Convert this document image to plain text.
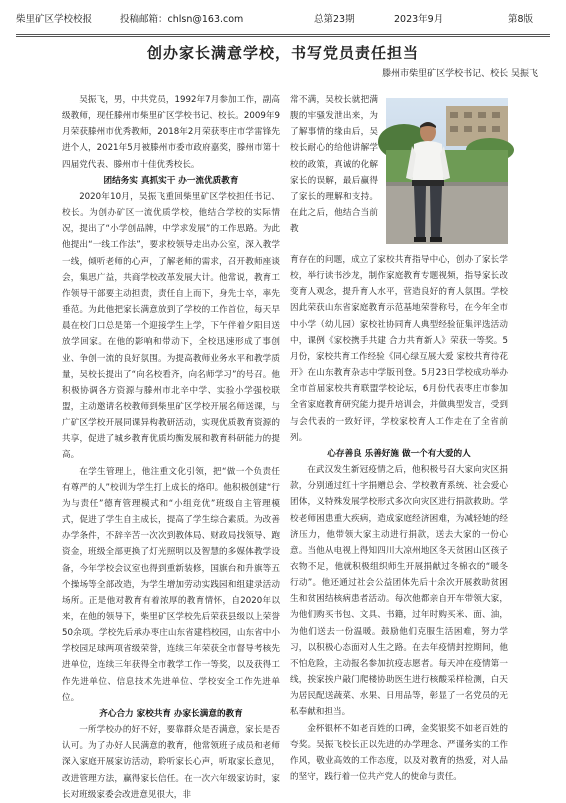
柴里矿区学校校报	投稿邮箱：chlsn@163.com	总第23期	2023年9月	第8版
创办家长满意学校，书写党员责任担当
滕州市柴里矿区学校书记、校长 吴振飞

吴振飞，男，中共党员，1992年7月参加工作，副高级教师，现任滕州市柴里矿区学校书记、校长。2009年9月荣获滕州市优秀教师，2018年2月荣获枣庄市学雷锋先进个人，2021年5月被滕州市委市政府嘉奖，滕州市第十四届党代表、滕州市十佳优秀校长。

团结务实 真抓实干 办一流优质教育

2020年10月，吴振飞重回柴里矿区学校担任书记、校长。为创办矿区一流优质学校，他结合学校的实际情况，提出了“小学创品牌，中学求发展”的工作思路。为此他提出“一线工作法”，要求校领导走出办公室，深入教学一线，倾听老师的心声，了解老师的需求，召开教师座谈会，集思广益，共商学校改革发展大计。他常说，教育工作领导干部要主动担责，责任自上而下，身先士卒，率先垂范。为此他把家长满意放到了学校的工作首位，每天早晨在校门口总是第一个迎接学生上学，下午伴着夕阳目送放学回家。在他的影响和带动下，全校迅速形成了事创业、争创一流的良好氛围。为提高教师业务水平和教学质量，吴校长提出了“向名校看齐，向名师学习”的号召。他积极协调各方资源与滕州市北辛中学、实验小学强校联盟，主动邀请名校教师到柴里矿区学校开展名师送课，与广矿区学校开展同课异构教研活动，实现优质教育资源的共享，促进了城乡教育优质均衡发展和教育科研能力的提高。

在学生管理上，他注重文化引领，把“做一个负责任有尊严的人”校训为学生打上成长的烙印。他积极创建“行为与责任”德育管理模式和“小组竞优”班级自主管理模式，促进了学生自主成长，提高了学生综合素质。为改善办学条件，不辞辛苦一次次到教体局、财政局找领导、跑资金，班级全部更换了灯光照明以及智慧的多媒体教学设备，今年学校会议室也得到重新装修，国旗台和升旗等五个操场等全部改造，为学生增加劳动实践园和组建录活动场所。正是他对教育有着浓厚的教育情怀，自2020年以来，在他的领导下，柴里矿区学校先后荣获县级以上荣誉50余项。学校先后承办枣庄山东省建档校园，山东省中小学校园足球两项省级荣誉，连续三年荣获全市督导考核先进单位，连续三年获得全市教学工作一等奖，以及获得工作先进单位、信息技术先进单位、学校安全工作先进单位。

齐心合力 家校共育 办家长满意的教育

一所学校办的好不好，要靠群众是否满意，家长是否认可。为了办好人民满意的教育，他常领班子成员和老师深入家庭开展家访活动，聆听家长心声，听取家长意见，改进管理方法，赢得家长信任。在一次六年级家访时，家长对班级家委会改进意见很大，非

常不满，吴校长就把满腹的牢骚发泄出来，为了解事情的缘由后，吴校长耐心的给他讲解学校的政策，真诚的化解家长的误解，最后赢得了家长的理解和支持。在此之后，他结合当前教

育存在的问题，成立了家校共育指导中心，创办了家长学校，举行读书沙龙，制作家庭教育专题视频，指导家长改变育人观念，提升育人水平，营造良好的育人氛围。学校因此荣获山东省家庭教育示范基地荣誉称号，在今年全市中小学（幼儿园）家校社协同育人典型经验征集评选活动中，课例《家校携手共建 合力共育新人》荣获一等奖。5月份，家校共育工作经验《同心绿互展大爱 家校共育待花开》在山东教育杂志中学版刊登。5月23日学校成功举办全市首届家校共育联盟学校论坛，6月份代表枣庄市参加全省家庭教育研究能力提升培训会，并做典型发言，受到与会代表的一致好评，学校家校育人工作走在了全省前列。

心存善良 乐善好施 做一个有大爱的人

在武汉发生新冠疫情之后，他积极号召大家向灾区捐款，分别通过红十字捐赠总会、学校教育系统、社会爱心团体，义特殊发展学校形式多次向灾区进行捐款救助。学校老师困患重大疾病，造成家庭经济困难，为减轻她的经济压力，他带领大家主动进行捐款，送去大家的一份心意。当他从电视上得知四川大凉州地区冬天贫困山区孩子衣物不足，他就积极组织师生开展捐献过冬棉衣的“暖冬行动”。他还通过社会公益团体先后十余次开展救助贫困生和贫困结核病患者活动。每次他都亲自开车带领大家，为他们购买书包、文具、书籍，过年时购买米、面、油，为他们送去一份温暖。鼓励他们克服生活困难，努力学习，以积极心态面对人生之路。在去年疫情封控期间，他不怕危险，主动报名参加抗疫志愿者。每天冲在疫情第一线，挨家挨户敲门爬楼协助医生进行核酸采样检测，白天为居民配送蔬菜、水果、日用品等，彰显了一名党员的无私奉献和担当。

金杯银杯不如老百姓的口碑，金奖银奖不如老百姓的夸奖。吴振飞校长正以先进的办学理念、严谨务实的工作作风，敬业高效的工作态度，以及对教育的热爱，对人品的坚守，践行着一位共产党人的使命与责任。
